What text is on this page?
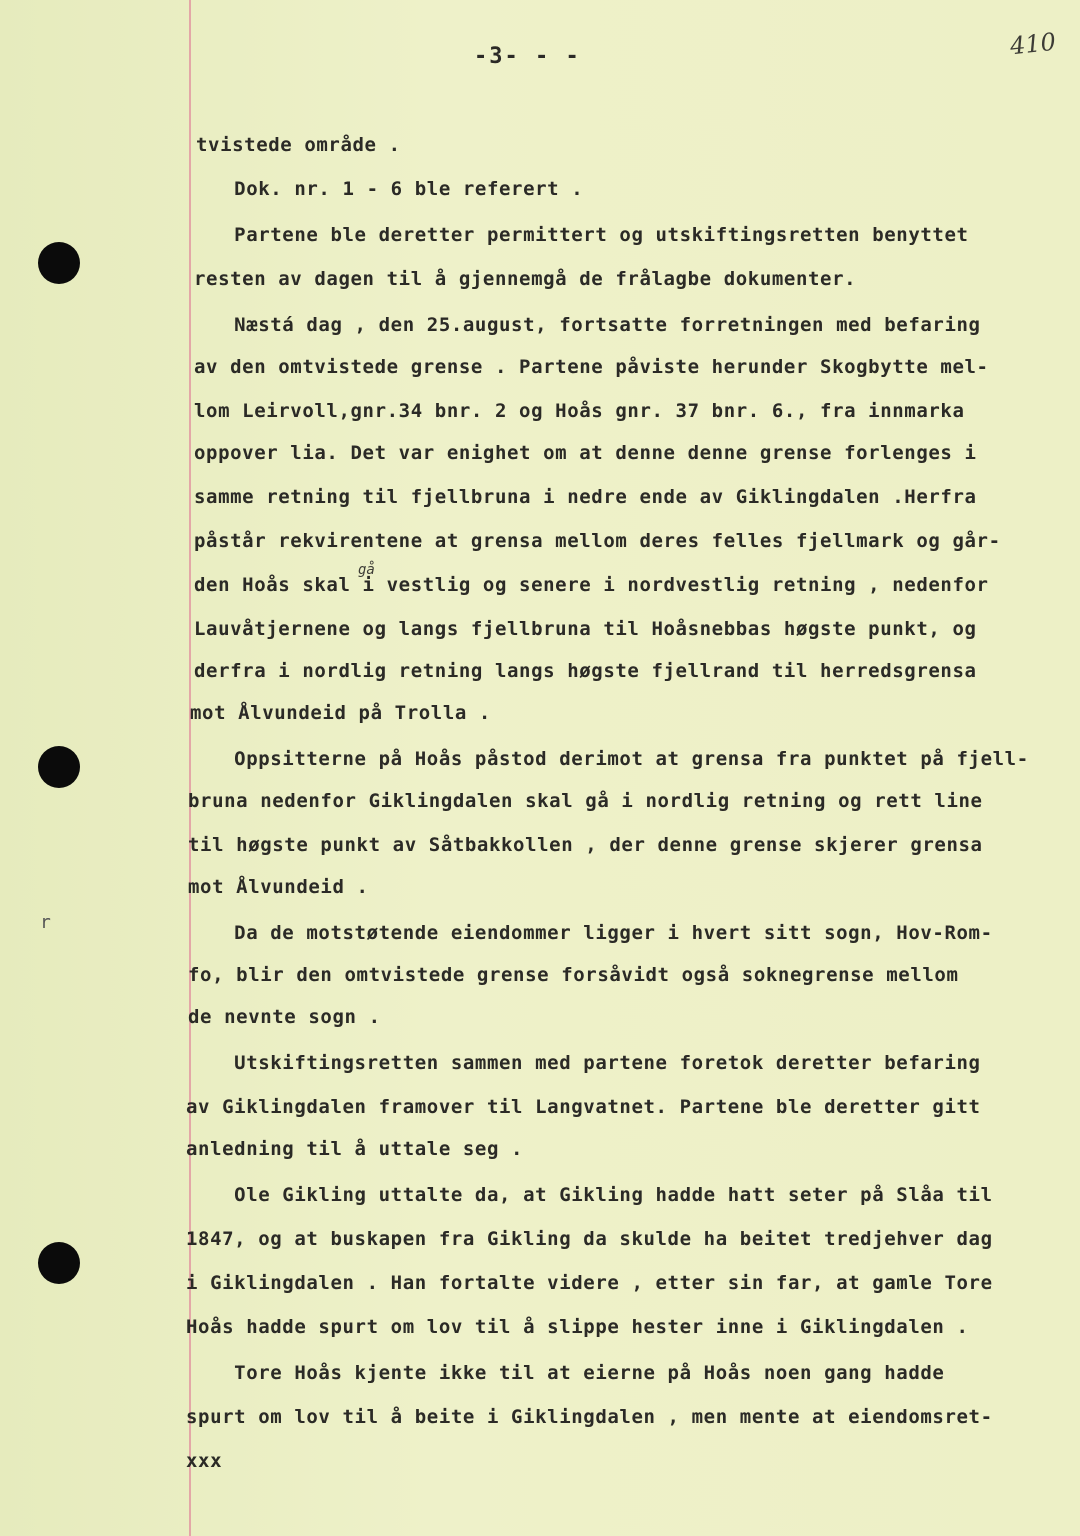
-3- - -	410
r
tvistede område .
Dok. nr. 1 - 6 ble referert .
Partene ble deretter permittert og utskiftingsretten benyttet
resten av dagen til å gjennemgå de frålagbe dokumenter.
Næstá dag , den 25.august, fortsatte forretningen med befaring
av den omtvistede grense . Partene påviste herunder Skogbytte mel-
lom Leirvoll,gnr.34 bnr. 2 og Hoås gnr. 37 bnr. 6., fra innmarka
oppover lia. Det var enighet om at denne denne grense forlenges i
samme retning til fjellbruna i nedre ende av Giklingdalen .Herfra
påstår rekvirentene at grensa mellom deres felles fjellmark og går-
gå
den Hoås skal i vestlig og senere i nordvestlig retning , nedenfor
Lauvåtjernene og langs fjellbruna til Hoåsnebbas høgste punkt, og
derfra i nordlig retning langs høgste fjellrand til herredsgrensa
mot Ålvundeid på Trolla .
Oppsitterne på Hoås påstod derimot at grensa fra punktet på fjell-
bruna nedenfor Giklingdalen skal gå i nordlig retning og rett line
til høgste punkt av Såtbakkollen , der denne grense skjerer grensa
mot Ålvundeid .
Da de motstøtende eiendommer ligger i hvert sitt sogn, Hov-Rom-
fo, blir den omtvistede grense forsåvidt også soknegrense mellom
de nevnte sogn .
Utskiftingsretten sammen med partene foretok deretter befaring
av Giklingdalen framover til Langvatnet. Partene ble deretter gitt
anledning til å uttale seg .
Ole Gikling uttalte da, at Gikling hadde hatt seter på Slåa til
1847, og at buskapen fra Gikling da skulde ha beitet tredjehver dag
i Giklingdalen . Han fortalte videre , etter sin far, at gamle Tore
Hoås hadde spurt om lov til å slippe hester inne i Giklingdalen .
Tore Hoås kjente ikke til at eierne på Hoås noen gang hadde
spurt om lov til å beite i Giklingdalen , men mente at eiendomsret-
xxx
